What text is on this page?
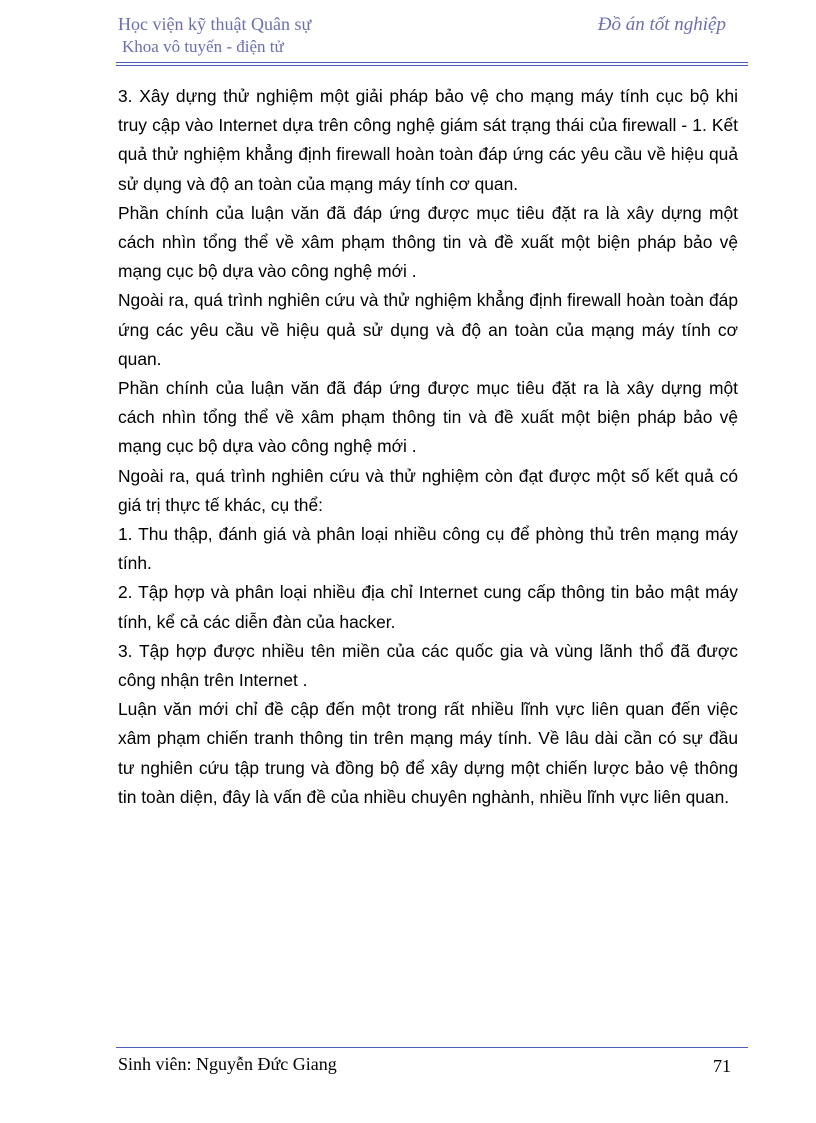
Học viện kỹ thuật Quân sự
Khoa vô tuyến - điện tử
Đồ án tốt nghiệp

3. Xây dựng thử nghiệm một giải pháp bảo vệ cho mạng máy tính cục bộ khi truy cập vào Internet dựa trên công nghệ giám sát trạng thái của firewall - 1. Kết quả thử nghiệm khẳng định firewall hoàn toàn đáp ứng các yêu cầu về hiệu quả sử dụng và độ an toàn của mạng máy tính cơ quan.

Phần chính của luận văn đã đáp ứng được mục tiêu đặt ra là xây dựng một cách nhìn tổng thể về xâm phạm thông tin và đề xuất một biện pháp bảo vệ mạng cục bộ dựa vào công nghệ mới .

Ngoài ra, quá trình nghiên cứu và thử nghiệm khẳng định firewall hoàn toàn đáp ứng các yêu cầu về hiệu quả sử dụng và độ an toàn của mạng máy tính cơ quan.

Phần chính của luận văn đã đáp ứng được mục tiêu đặt ra là xây dựng một cách nhìn tổng thể về xâm phạm thông tin và đề xuất một biện pháp bảo vệ mạng cục bộ dựa vào công nghệ mới .

Ngoài ra, quá trình nghiên cứu và thử nghiệm còn đạt được một số kết quả có giá trị thực tế khác, cụ thể:

1. Thu thập, đánh giá và phân loại nhiều công cụ để phòng thủ trên mạng máy tính.

2. Tập hợp và phân loại nhiều địa chỉ Internet cung cấp thông tin bảo mật máy tính, kể cả các diễn đàn của hacker.

3. Tập hợp được nhiều tên miền của các quốc gia và vùng lãnh thổ đã được công nhận trên Internet .

Luận văn mới chỉ đề cập đến một trong rất nhiều lĩnh vực liên quan đến việc xâm phạm chiến tranh thông tin trên mạng máy tính. Về lâu dài cần có sự đầu tư nghiên cứu tập trung và đồng bộ để xây dựng một chiến lược bảo vệ thông tin toàn diện, đây là vấn đề của nhiều chuyên nghành, nhiều lĩnh vực liên quan.

Sinh viên: Nguyễn Đức Giang	71
